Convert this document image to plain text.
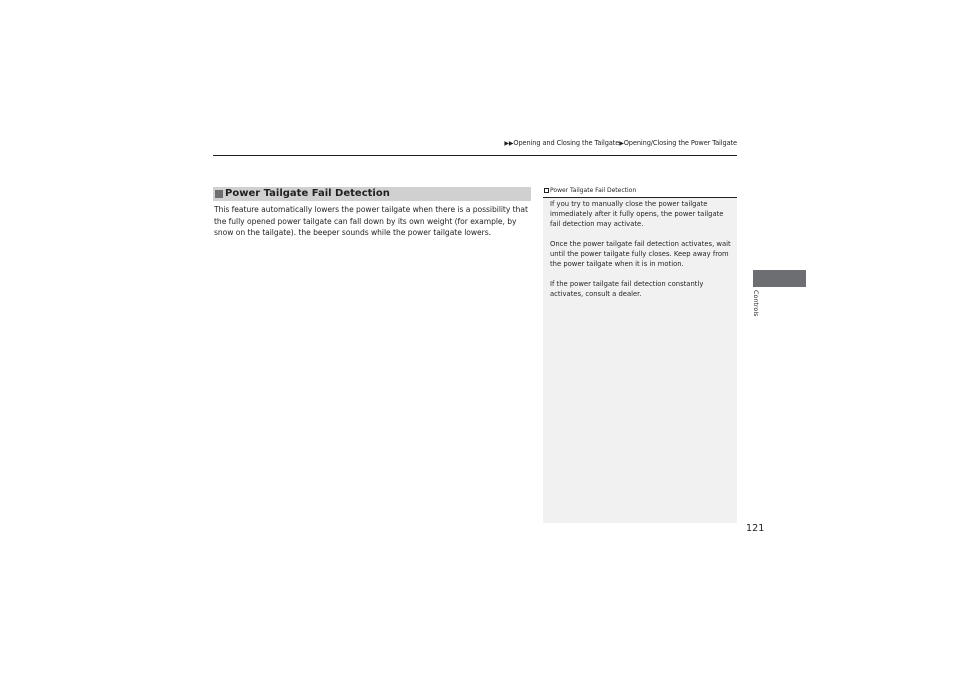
▶▶Opening and Closing the Tailgate▶Opening/Closing the Power Tailgate
Power Tailgate Fail Detection
This feature automatically lowers the power tailgate when there is a possibility that the fully opened power tailgate can fall down by its own weight (for example, by snow on the tailgate). the beeper sounds while the power tailgate lowers.
Power Tailgate Fail Detection

If you try to manually close the power tailgate immediately after it fully opens, the power tailgate fail detection may activate.

Once the power tailgate fail detection activates, wait until the power tailgate fully closes. Keep away from the power tailgate when it is in motion.

If the power tailgate fail detection constantly activates, consult a dealer.	Controls
121
